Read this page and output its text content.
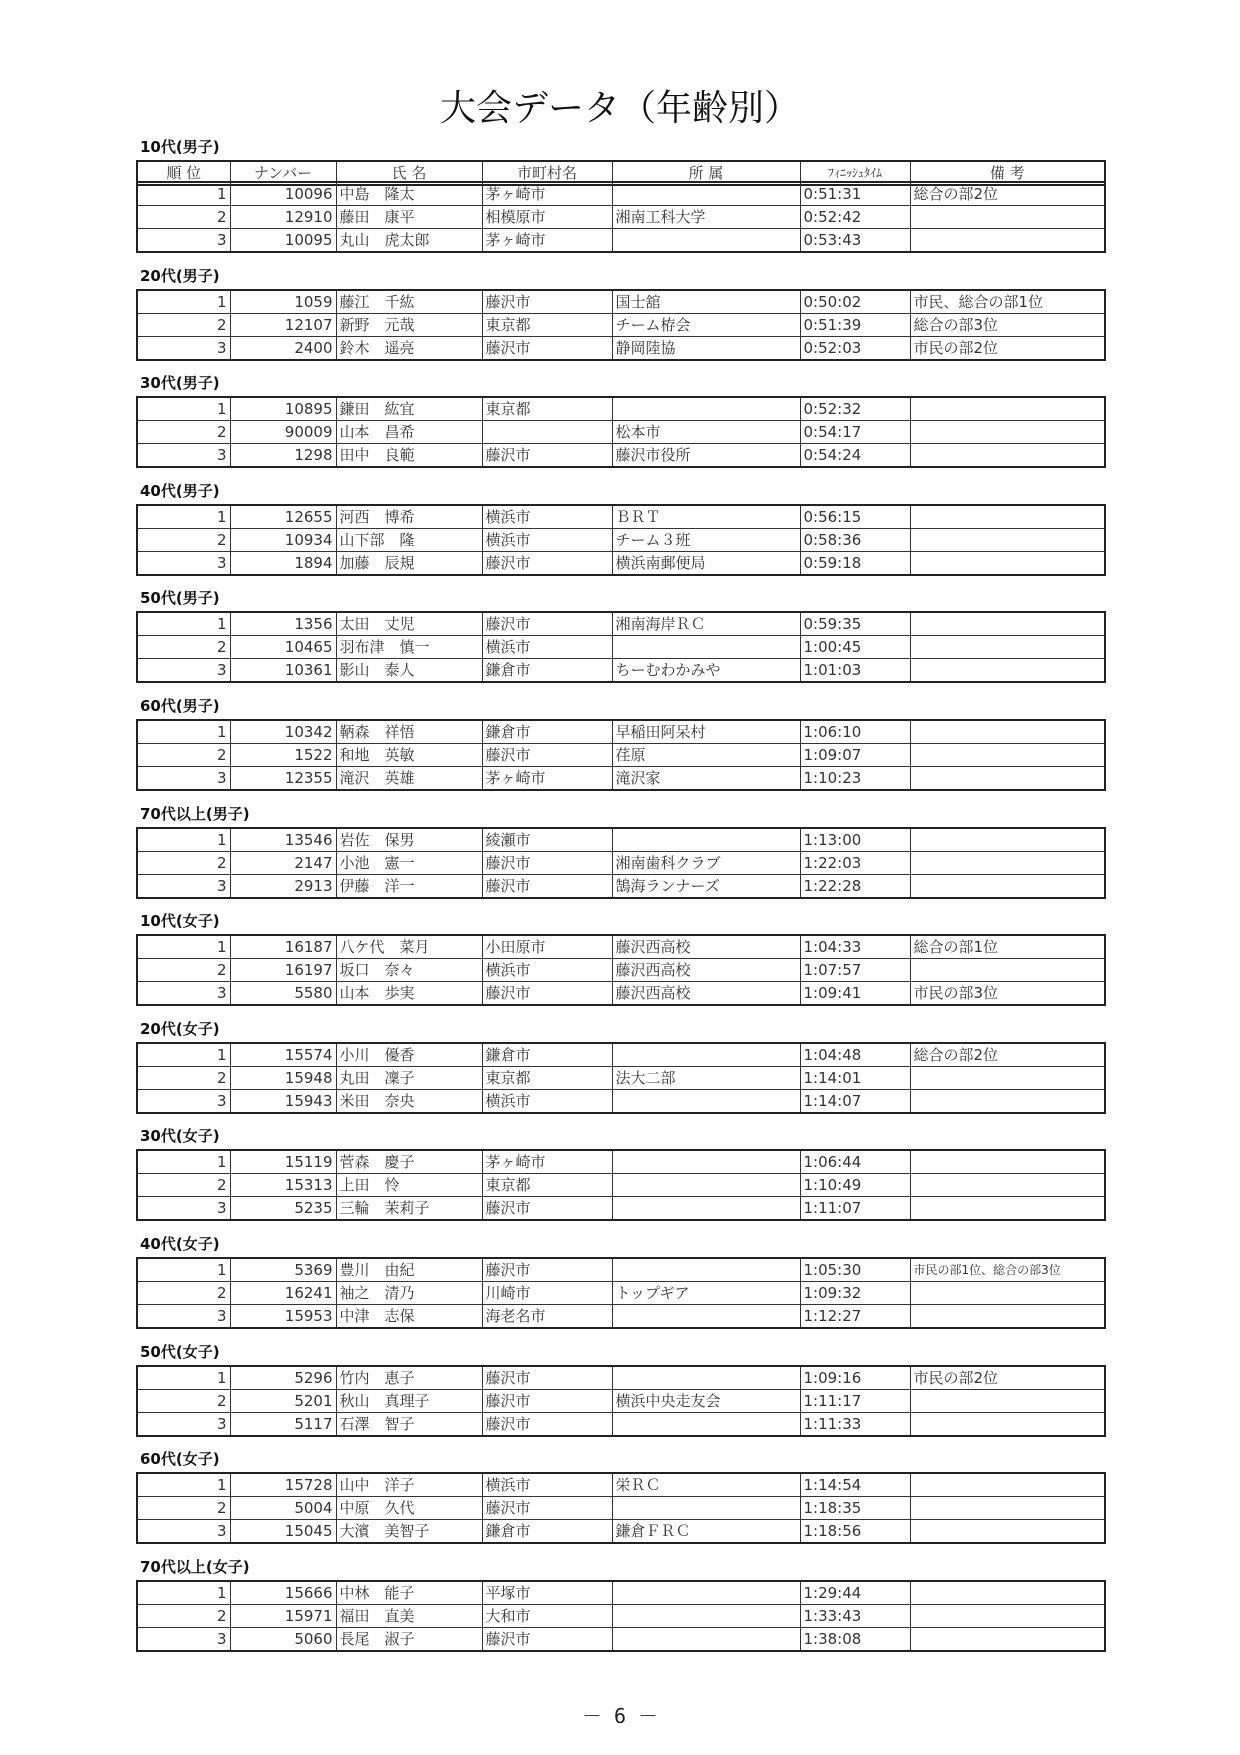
大会データ（年齢別）
10代(男子)
順 位	ナンバー	氏 名	市町村名	所 属	ﾌｨﾆｯｼｭﾀｲﾑ	備 考
1	10096	中島　隆太	茅ヶ崎市		0:51:31	総合の部2位
2	12910	藤田　康平	相模原市	湘南工科大学	0:52:42	
3	10095	丸山　虎太郎	茅ヶ崎市		0:53:43	
20代(男子)
1	1059	藤江　千紘	藤沢市	国士舘	0:50:02	市民、総合の部1位
2	12107	新野　元哉	東京都	チーム栫会	0:51:39	総合の部3位
3	2400	鈴木　遥亮	藤沢市	静岡陸協	0:52:03	市民の部2位
30代(男子)
1	10895	鎌田　紘宜	東京都		0:52:32	
2	90009	山本　昌希		松本市	0:54:17	
3	1298	田中　良範	藤沢市	藤沢市役所	0:54:24	
40代(男子)
1	12655	河西　博希	横浜市	ＢＲＴ	0:56:15	
2	10934	山下部　隆	横浜市	チーム３班	0:58:36	
3	1894	加藤　辰規	藤沢市	横浜南郵便局	0:59:18	
50代(男子)
1	1356	太田　丈児	藤沢市	湘南海岸ＲＣ	0:59:35	
2	10465	羽布津　慎一	横浜市		1:00:45	
3	10361	影山　泰人	鎌倉市	ちーむわかみや	1:01:03	
60代(男子)
1	10342	鞆森　祥悟	鎌倉市	早稲田阿呆村	1:06:10	
2	1522	和地　英敏	藤沢市	荏原	1:09:07	
3	12355	滝沢　英雄	茅ヶ崎市	滝沢家	1:10:23	
70代以上(男子)
1	13546	岩佐　保男	綾瀬市		1:13:00	
2	2147	小池　憲一	藤沢市	湘南歯科クラブ	1:22:03	
3	2913	伊藤　洋一	藤沢市	鵠海ランナーズ	1:22:28	
10代(女子)
1	16187	八ケ代　菜月	小田原市	藤沢西高校	1:04:33	総合の部1位
2	16197	坂口　奈々	横浜市	藤沢西高校	1:07:57	
3	5580	山本　歩実	藤沢市	藤沢西高校	1:09:41	市民の部3位
20代(女子)
1	15574	小川　優香	鎌倉市		1:04:48	総合の部2位
2	15948	丸田　凜子	東京都	法大二部	1:14:01	
3	15943	米田　奈央	横浜市		1:14:07	
30代(女子)
1	15119	菅森　慶子	茅ヶ崎市		1:06:44	
2	15313	上田　怜	東京都		1:10:49	
3	5235	三輪　茉莉子	藤沢市		1:11:07	
40代(女子)
1	5369	豊川　由紀	藤沢市		1:05:30	市民の部1位、総合の部3位
2	16241	袖之　清乃	川崎市	トップギア	1:09:32	
3	15953	中津　志保	海老名市		1:12:27	
50代(女子)
1	5296	竹内　恵子	藤沢市		1:09:16	市民の部2位
2	5201	秋山　真理子	藤沢市	横浜中央走友会	1:11:17	
3	5117	石澤　智子	藤沢市		1:11:33	
60代(女子)
1	15728	山中　洋子	横浜市	栄ＲＣ	1:14:54	
2	5004	中原　久代	藤沢市		1:18:35	
3	15045	大濱　美智子	鎌倉市	鎌倉ＦＲＣ	1:18:56	
70代以上(女子)
1	15666	中林　能子	平塚市		1:29:44	
2	15971	福田　直美	大和市		1:33:43	
3	5060	長尾　淑子	藤沢市		1:38:08	
－ 6 －
